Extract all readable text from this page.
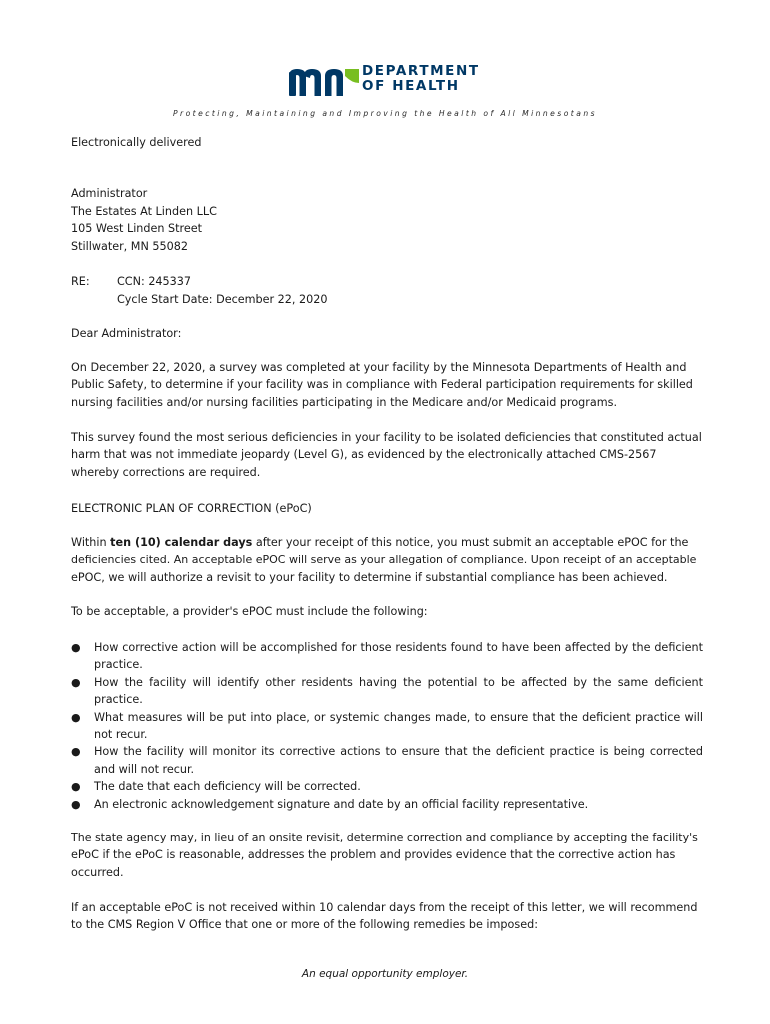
DEPARTMENT
OF HEALTH
Protecting, Maintaining and Improving the Health of All Minnesotans
Electronically delivered
Administrator
The Estates At Linden LLC
105 West Linden Street
Stillwater, MN 55082
RE: CCN: 245337
Cycle Start Date: December 22, 2020
Dear Administrator:
On December 22, 2020, a survey was completed at your facility by the Minnesota Departments of Health and
Public Safety, to determine if your facility was in compliance with Federal participation requirements for skilled
nursing facilities and/or nursing facilities participating in the Medicare and/or Medicaid programs.
This survey found the most serious deficiencies in your facility to be isolated deficiencies that constituted actual
harm that was not immediate jeopardy (Level G), as evidenced by the electronically attached CMS-2567
whereby corrections are required.
ELECTRONIC PLAN OF CORRECTION (ePoC)
Within ten (10) calendar days after your receipt of this notice, you must submit an acceptable ePOC for the
deficiencies cited. An acceptable ePOC will serve as your allegation of compliance. Upon receipt of an acceptable
ePOC, we will authorize a revisit to your facility to determine if substantial compliance has been achieved.
To be acceptable, a provider's ePOC must include the following:
● How corrective action will be accomplished for those residents found to have been affected by the deficient
practice.
● How the facility will identify other residents having the potential to be affected by the same deficient
practice.
● What measures will be put into place, or systemic changes made, to ensure that the deficient practice will
not recur.
● How the facility will monitor its corrective actions to ensure that the deficient practice is being corrected
and will not recur.
● The date that each deficiency will be corrected.
● An electronic acknowledgement signature and date by an official facility representative.
The state agency may, in lieu of an onsite revisit, determine correction and compliance by accepting the facility's
ePoC if the ePoC is reasonable, addresses the problem and provides evidence that the corrective action has
occurred.
If an acceptable ePoC is not received within 10 calendar days from the receipt of this letter, we will recommend
to the CMS Region V Office that one or more of the following remedies be imposed:
An equal opportunity employer.
